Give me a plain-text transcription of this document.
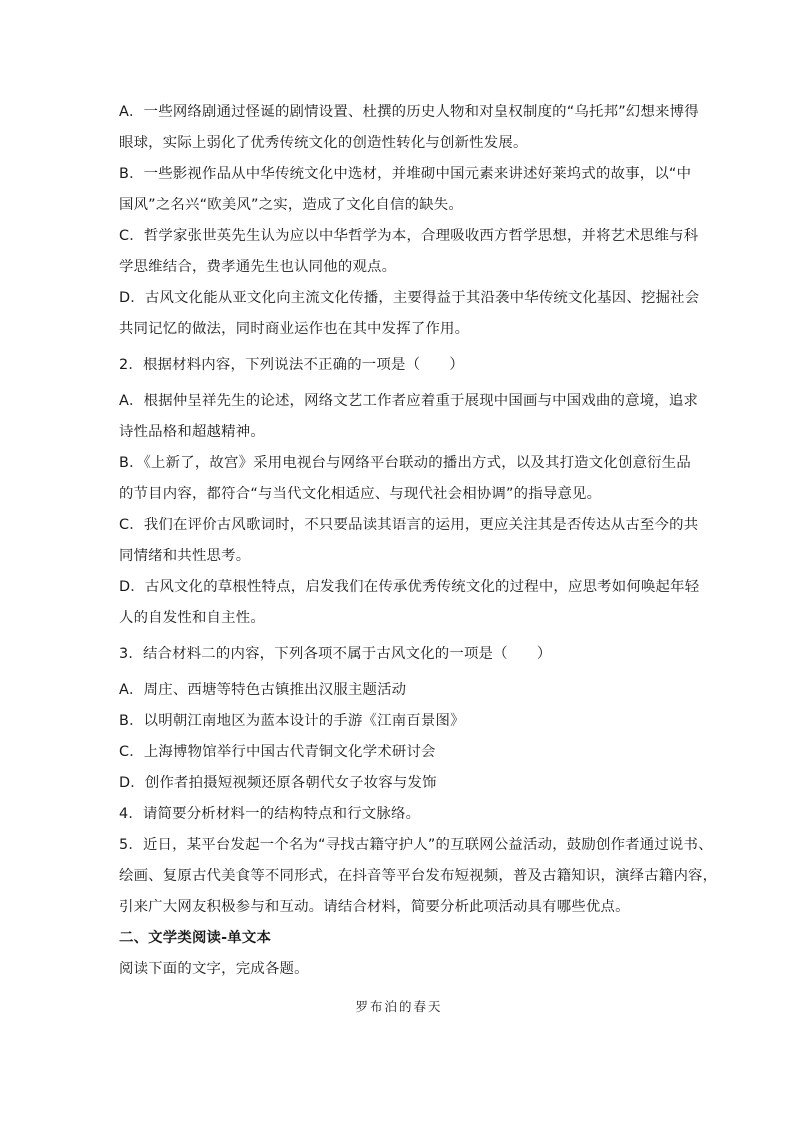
A．一些网络剧通过怪诞的剧情设置、杜撰的历史人物和对皇权制度的“乌托邦”幻想来博得
眼球，实际上弱化了优秀传统文化的创造性转化与创新性发展。
B．一些影视作品从中华传统文化中选材，并堆砌中国元素来讲述好莱坞式的故事，以“中
国风”之名兴“欧美风”之实，造成了文化自信的缺失。
C．哲学家张世英先生认为应以中华哲学为本，合理吸收西方哲学思想，并将艺术思维与科
学思维结合，费孝通先生也认同他的观点。
D．古风文化能从亚文化向主流文化传播，主要得益于其沿袭中华传统文化基因、挖掘社会
共同记忆的做法，同时商业运作也在其中发挥了作用。
2．根据材料内容，下列说法不正确的一项是（　　）
A．根据仲呈祥先生的论述，网络文艺工作者应着重于展现中国画与中国戏曲的意境，追求
诗性品格和超越精神。
B．《上新了，故宫》采用电视台与网络平台联动的播出方式，以及其打造文化创意衍生品
的节目内容，都符合“与当代文化相适应、与现代社会相协调”的指导意见。
C．我们在评价古风歌词时，不只要品读其语言的运用，更应关注其是否传达从古至今的共
同情绪和共性思考。
D．古风文化的草根性特点，启发我们在传承优秀传统文化的过程中，应思考如何唤起年轻
人的自发性和自主性。
3．结合材料二的内容，下列各项不属于古风文化的一项是（　　）
A．周庄、西塘等特色古镇推出汉服主题活动
B．以明朝江南地区为蓝本设计的手游《江南百景图》
C．上海博物馆举行中国古代青铜文化学术研讨会
D．创作者拍摄短视频还原各朝代女子妆容与发饰
4．请简要分析材料一的结构特点和行文脉络。
5．近日，某平台发起一个名为“寻找古籍守护人”的互联网公益活动，鼓励创作者通过说书、
绘画、复原古代美食等不同形式，在抖音等平台发布短视频，普及古籍知识，演绎古籍内容，
引来广大网友积极参与和互动。请结合材料，简要分析此项活动具有哪些优点。
二、文学类阅读-单文本
阅读下面的文字，完成各题。
罗布泊的春天
